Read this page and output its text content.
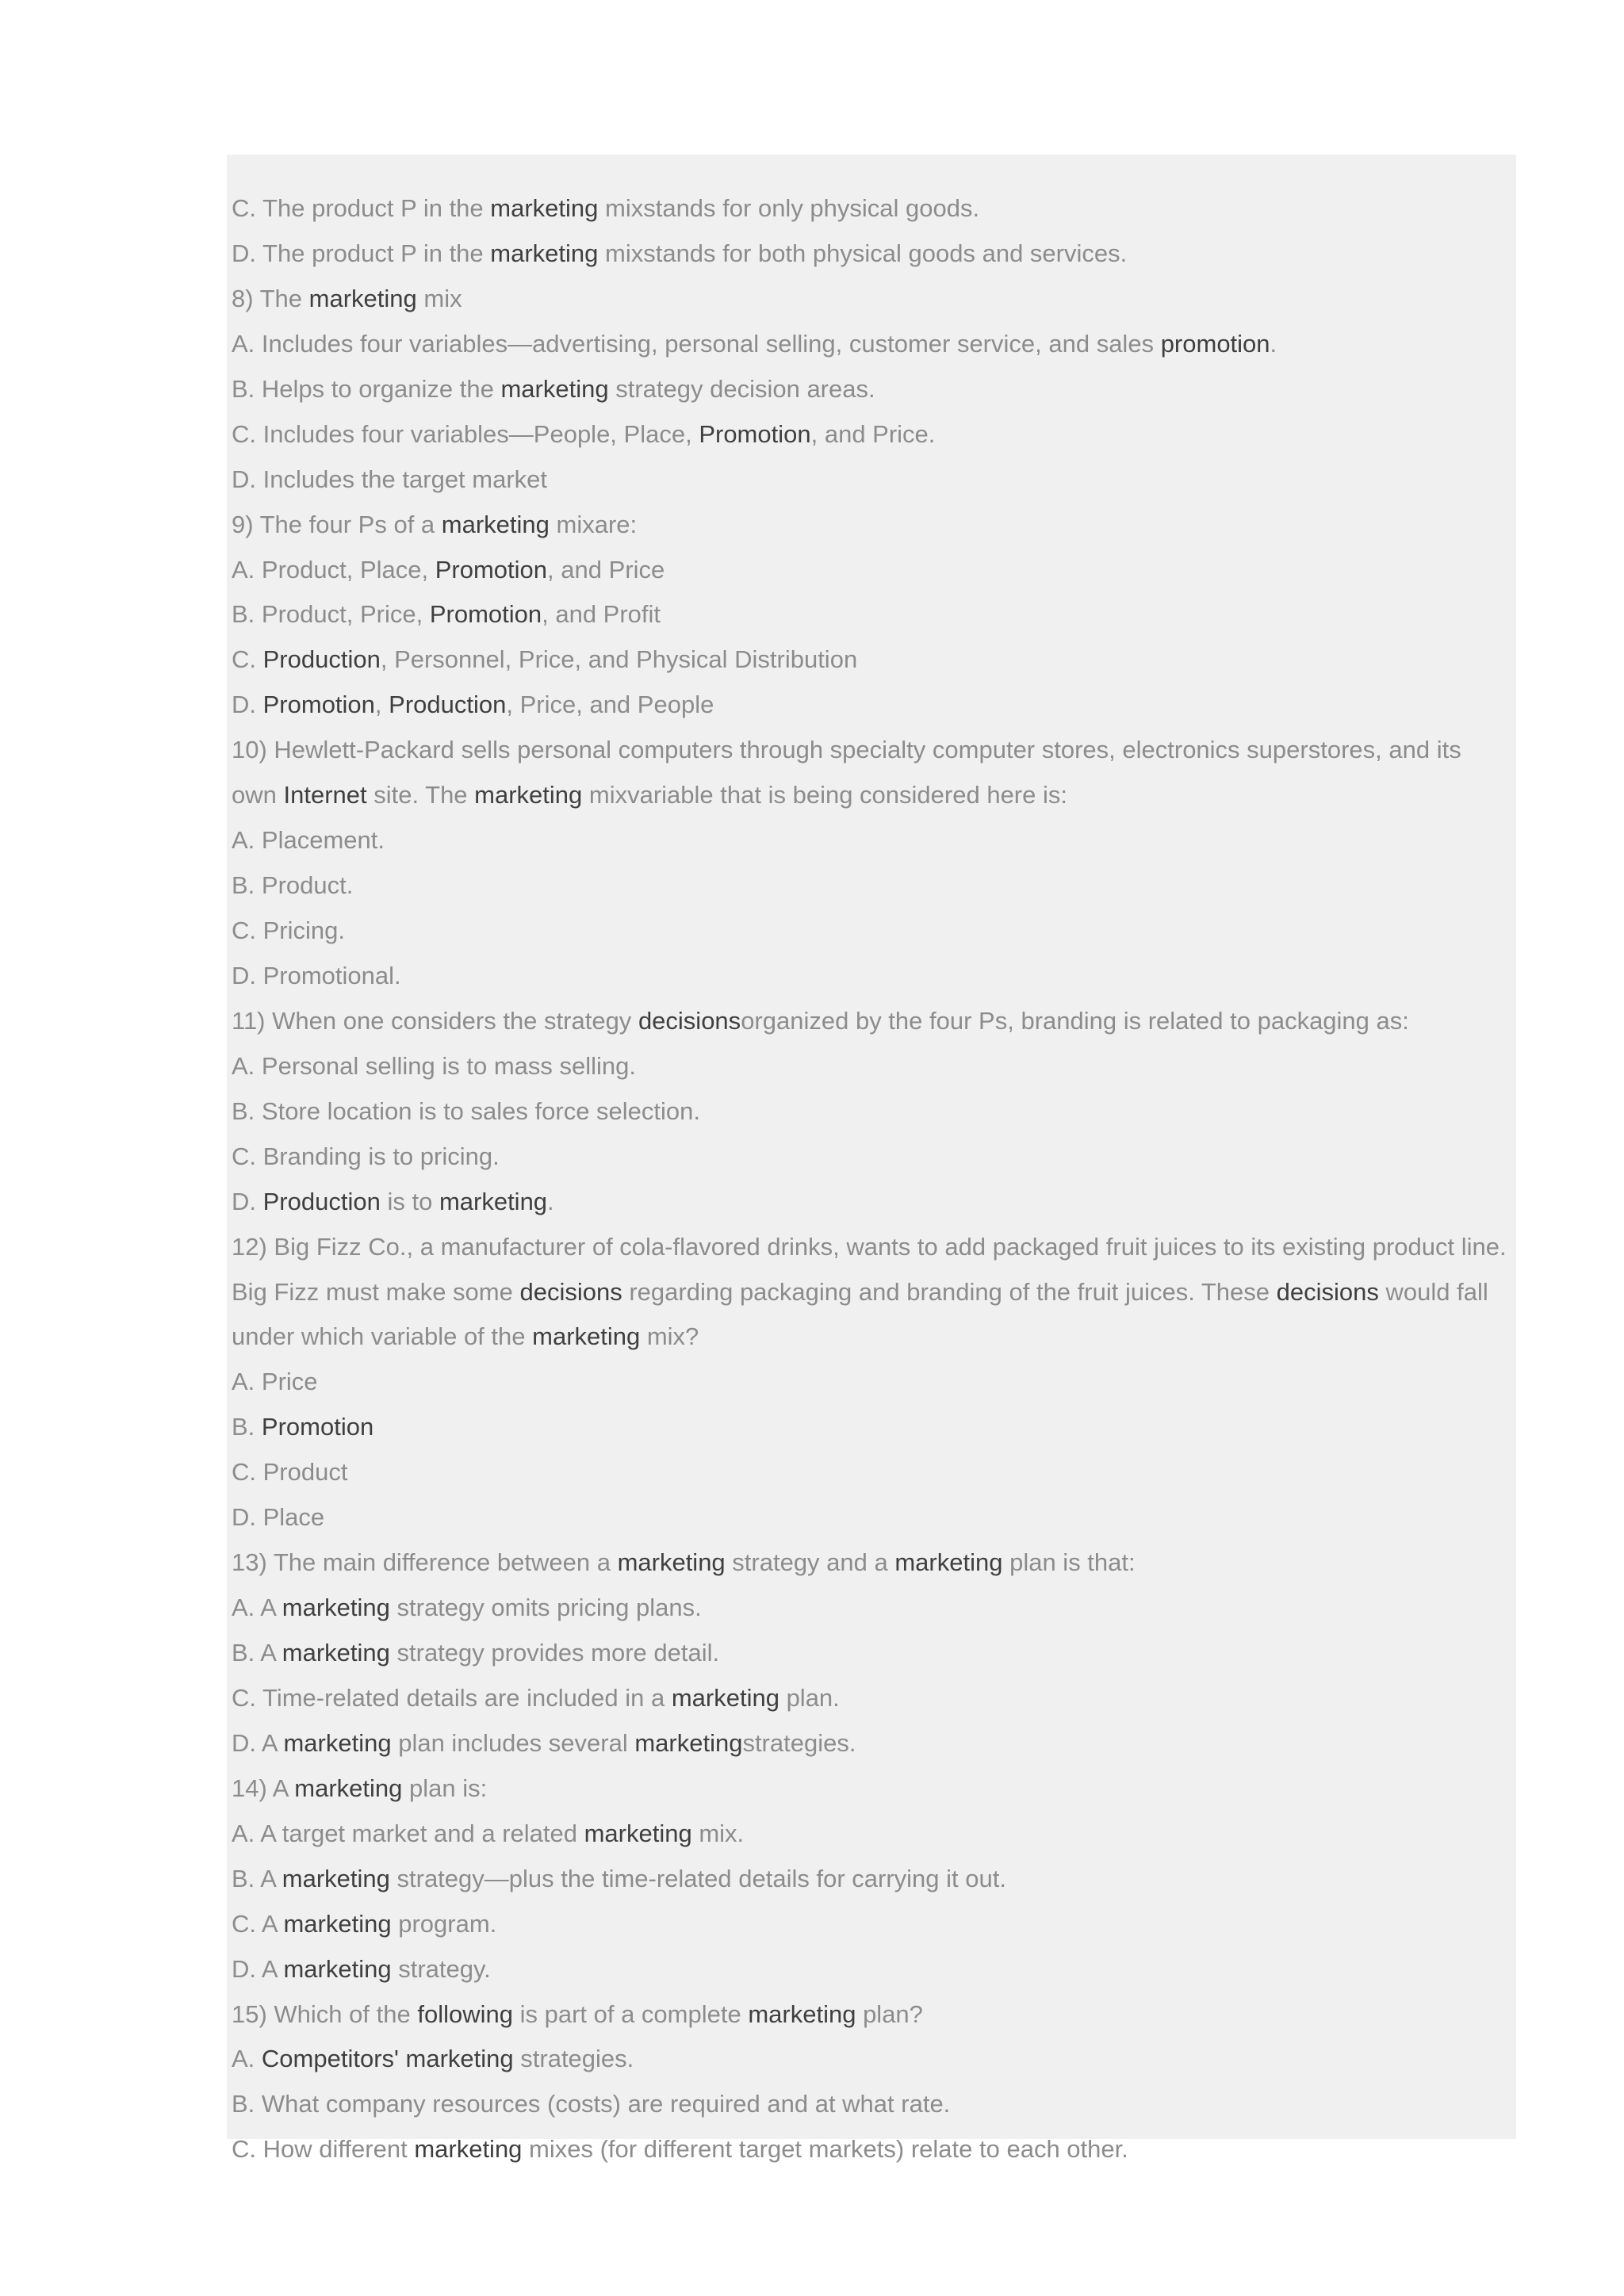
C. The product P in the marketing mixstands for only physical goods.
D. The product P in the marketing mixstands for both physical goods and services.
8) The marketing mix
A. Includes four variables—advertising, personal selling, customer service, and sales promotion.
B. Helps to organize the marketing strategy decision areas.
C. Includes four variables—People, Place, Promotion, and Price.
D. Includes the target market
9) The four Ps of a marketing mixare:
A. Product, Place, Promotion, and Price
B. Product, Price, Promotion, and Profit
C. Production, Personnel, Price, and Physical Distribution
D. Promotion, Production, Price, and People
10) Hewlett-Packard sells personal computers through specialty computer stores, electronics superstores, and its
own Internet site. The marketing mixvariable that is being considered here is:
A. Placement.
B. Product.
C. Pricing.
D. Promotional.
11) When one considers the strategy decisionsorganized by the four Ps, branding is related to packaging as:
A. Personal selling is to mass selling.
B. Store location is to sales force selection.
C. Branding is to pricing.
D. Production is to marketing.
12) Big Fizz Co., a manufacturer of cola-flavored drinks, wants to add packaged fruit juices to its existing product line.
Big Fizz must make some decisions regarding packaging and branding of the fruit juices. These decisions would fall
under which variable of the marketing mix?
A. Price
B. Promotion
C. Product
D. Place
13) The main difference between a marketing strategy and a marketing plan is that:
A. A marketing strategy omits pricing plans.
B. A marketing strategy provides more detail.
C. Time-related details are included in a marketing plan.
D. A marketing plan includes several marketingstrategies.
14) A marketing plan is:
A. A target market and a related marketing mix.
B. A marketing strategy—plus the time-related details for carrying it out.
C. A marketing program.
D. A marketing strategy.
15) Which of the following is part of a complete marketing plan?
A. Competitors' marketing strategies.
B. What company resources (costs) are required and at what rate.
C. How different marketing mixes (for different target markets) relate to each other.
